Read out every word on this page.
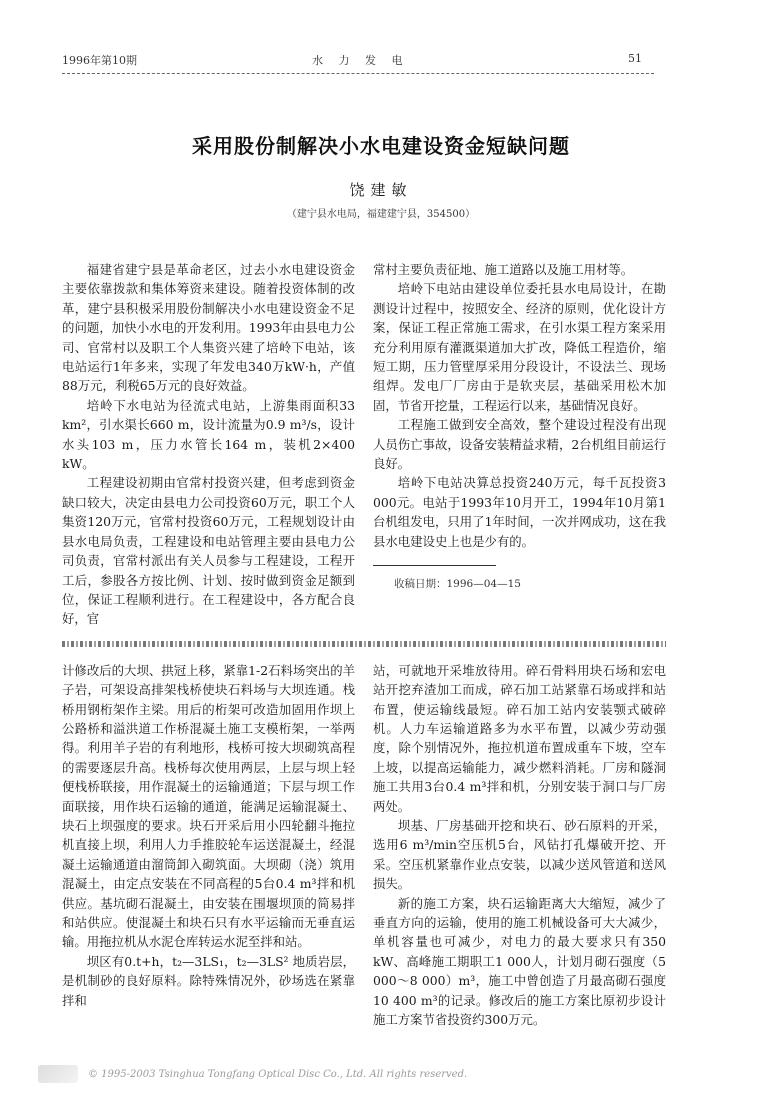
1996年第10期	水 力 发 电	51
采用股份制解决小水电建设资金短缺问题
饶建敏
（建宁县水电局，福建建宁县，354500）

福建省建宁县是革命老区，过去小水电建设资金主要依靠拨款和集体筹资来建设。随着投资体制的改革，建宁县积极采用股份制解决小水电建设资金不足的问题，加快小水电的开发利用。1993年由县电力公司、官常村以及职工个人集资兴建了培岭下电站，该电站运行1年多来，实现了年发电340万kW·h，产值88万元，利税65万元的良好效益。

培岭下水电站为径流式电站，上游集雨面积33 km²，引水渠长660 m，设计流量为0.9 m³/s，设计水头103 m，压力水管长164 m，装机2×400 kW。

工程建设初期由官常村投资兴建，但考虑到资金缺口较大，决定由县电力公司投资60万元，职工个人集资120万元，官常村投资60万元，工程规划设计由县水电局负责，工程建设和电站管理主要由县电力公司负责，官常村派出有关人员参与工程建设，工程开工后，参股各方按比例、计划、按时做到资金足额到位，保证工程顺利进行。在工程建设中，各方配合良好，官

常村主要负责征地、施工道路以及施工用材等。

培岭下电站由建设单位委托县水电局设计，在勘测设计过程中，按照安全、经济的原则，优化设计方案，保证工程正常施工需求，在引水渠工程方案采用充分利用原有灌溉渠道加大扩改，降低工程造价，缩短工期，压力管壁厚采用分段设计，不设法兰、现场组焊。发电厂厂房由于是软夹层，基础采用松木加固，节省开挖量，工程运行以来，基础情况良好。

工程施工做到安全高效，整个建设过程没有出现人员伤亡事故，设备安装精益求精，2台机组目前运行良好。

培岭下电站决算总投资240万元，每千瓦投资3 000元。电站于1993年10月开工，1994年10月第1台机组发电，只用了1年时间，一次并网成功，这在我县水电建设史上也是少有的。

收稿日期：1996—04—15

计修改后的大坝、拱冠上移，紧靠1-2石料场突出的羊子岩，可架设高排架栈桥使块石料场与大坝连通。栈桥用钢桁架作主梁。用后的桁架可改造加固用作坝上公路桥和溢洪道工作桥混凝土施工支模桁架，一举两得。利用羊子岩的有利地形，栈桥可按大坝砌筑高程的需要逐层升高。栈桥每次使用两层，上层与坝上轻便栈桥联接，用作混凝土的运输通道；下层与坝工作面联接，用作块石运输的通道，能满足运输混凝土、块石上坝强度的要求。块石开采后用小四轮翻斗拖拉机直接上坝，利用人力手推胶轮车运送混凝土，经混凝土运输通道由溜筒卸入砌筑面。大坝砌（浇）筑用混凝土，由定点安装在不同高程的5台0.4 m³拌和机供应。基坑砌石混凝土，由安装在围堰坝顶的简易拌和站供应。使混凝土和块石只有水平运输而无垂直运输。用拖拉机从水泥仓库转运水泥至拌和站。

坝区有0.t+h，t₂—3LS₁，t₂—3LS² 地质岩层，是机制砂的良好原料。除特殊情况外，砂场选在紧靠拌和

站，可就地开采堆放待用。碎石骨料用块石场和宏电站开挖弃渣加工而成，碎石加工站紧靠石场或拌和站布置，使运输线最短。碎石加工站内安装颚式破碎机。人力车运输道路多为水平布置，以减少劳动强度，除个别情况外，拖拉机道布置成重车下坡，空车上坡，以提高运输能力，减少燃料消耗。厂房和隧洞施工共用3台0.4 m³拌和机，分别安装于洞口与厂房两处。

坝基、厂房基础开挖和块石、砂石原料的开采，选用6 m³/min空压机5台，风钻打孔爆破开挖、开采。空压机紧靠作业点安装，以减少送风管道和送风损失。

新的施工方案，块石运输距离大大缩短，减少了垂直方向的运输，使用的施工机械设备可大大减少，单机容量也可减少，对电力的最大要求只有350 kW、高峰施工期职工1 000人，计划月砌石强度（5 000～8 000）m³，施工中曾创造了月最高砌石强度10 400 m³的记录。修改后的施工方案比原初步设计施工方案节省投资约300万元。

© 1995-2003 Tsinghua Tongfang Optical Disc Co., Ltd. All rights reserved.
